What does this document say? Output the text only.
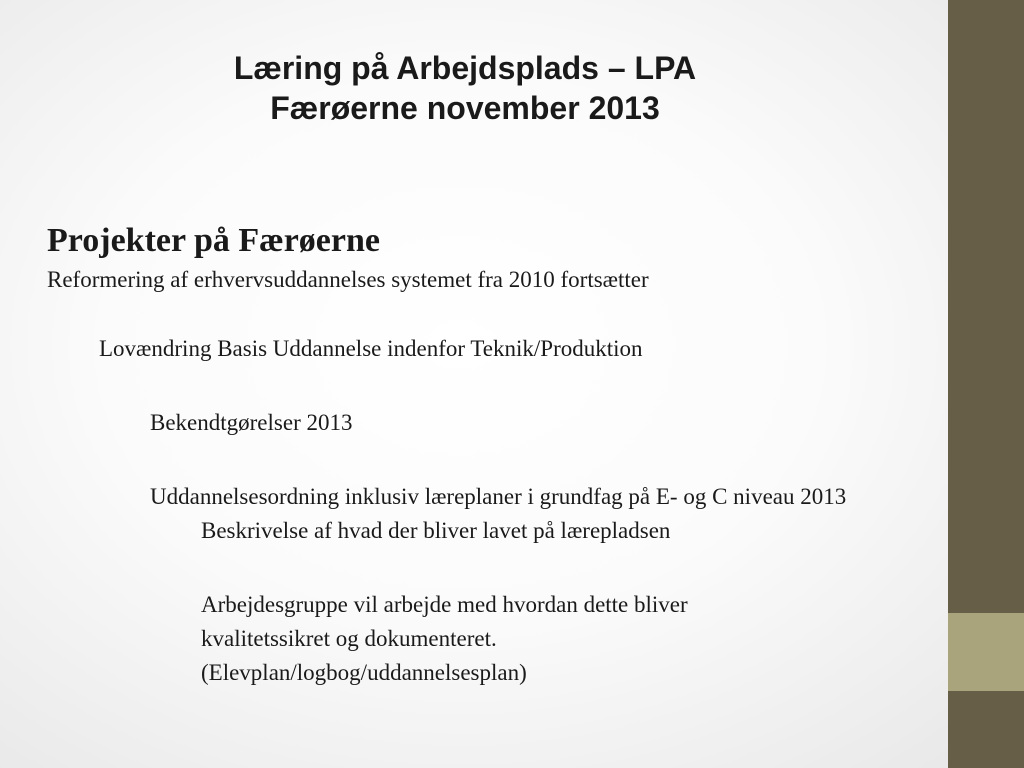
Læring på Arbejdsplads – LPA
Færøerne november 2013

Projekter på Færøerne

Reformering af erhvervsuddannelses systemet fra 2010 fortsætter

Lovændring Basis Uddannelse indenfor Teknik/Produktion

Bekendtgørelser 2013

Uddannelsesordning inklusiv læreplaner i grundfag på E- og C niveau 2013

Beskrivelse af hvad der bliver lavet på lærepladsen

Arbejdesgruppe vil arbejde med hvordan dette bliver

kvalitetssikret og dokumenteret.

(Elevplan/logbog/uddannelsesplan)
